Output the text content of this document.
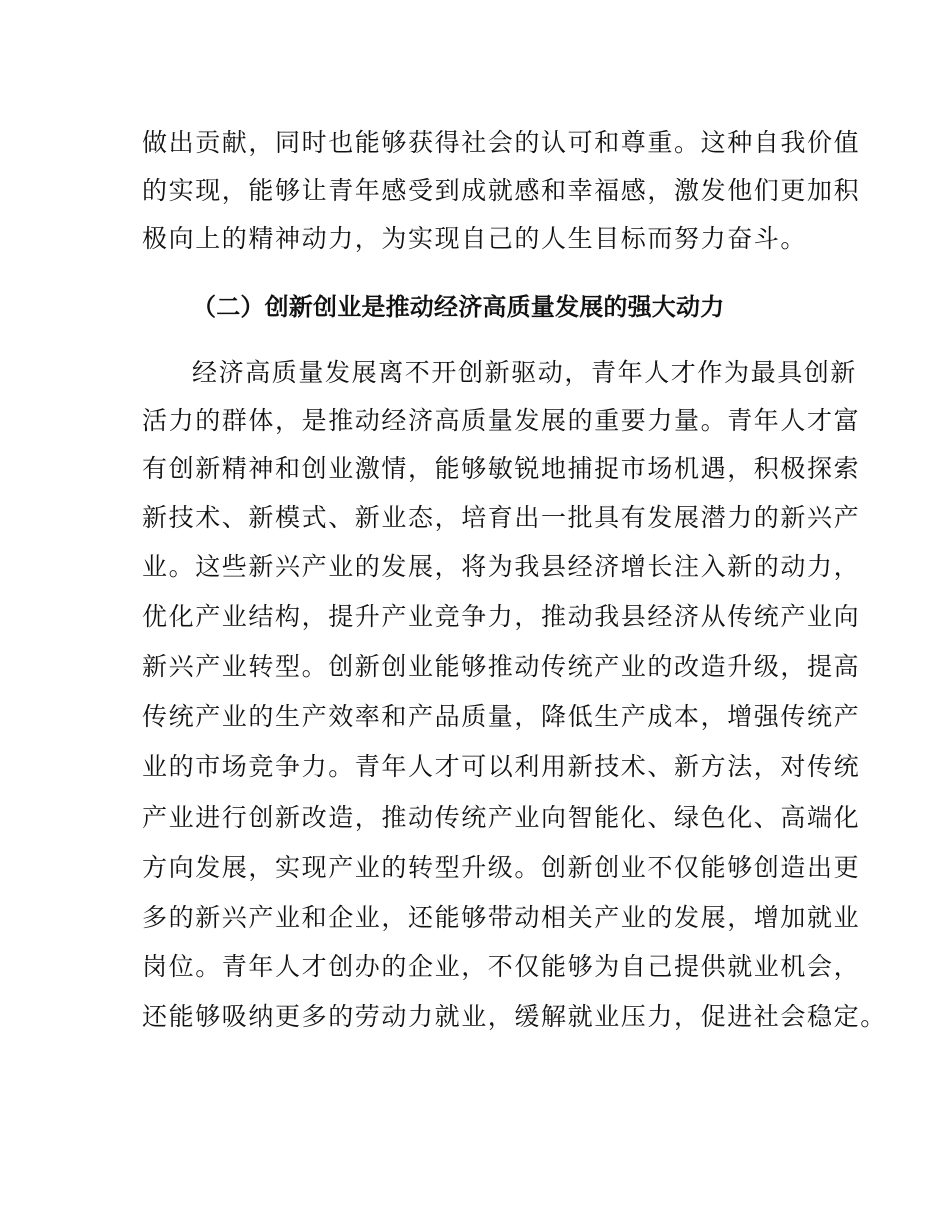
做出贡献，同时也能够获得社会的认可和尊重。这种自我价值

的实现，能够让青年感受到成就感和幸福感，激发他们更加积

极向上的精神动力，为实现自己的人生目标而努力奋斗。

（二）创新创业是推动经济高质量发展的强大动力

经济高质量发展离不开创新驱动，青年人才作为最具创新

活力的群体，是推动经济高质量发展的重要力量。青年人才富

有创新精神和创业激情，能够敏锐地捕捉市场机遇，积极探索

新技术、新模式、新业态，培育出一批具有发展潜力的新兴产

业。这些新兴产业的发展，将为我县经济增长注入新的动力，

优化产业结构，提升产业竞争力，推动我县经济从传统产业向

新兴产业转型。创新创业能够推动传统产业的改造升级，提高

传统产业的生产效率和产品质量，降低生产成本，增强传统产

业的市场竞争力。青年人才可以利用新技术、新方法，对传统

产业进行创新改造，推动传统产业向智能化、绿色化、高端化

方向发展，实现产业的转型升级。创新创业不仅能够创造出更

多的新兴产业和企业，还能够带动相关产业的发展，增加就业

岗位。青年人才创办的企业，不仅能够为自己提供就业机会，

还能够吸纳更多的劳动力就业，缓解就业压力，促进社会稳定。
